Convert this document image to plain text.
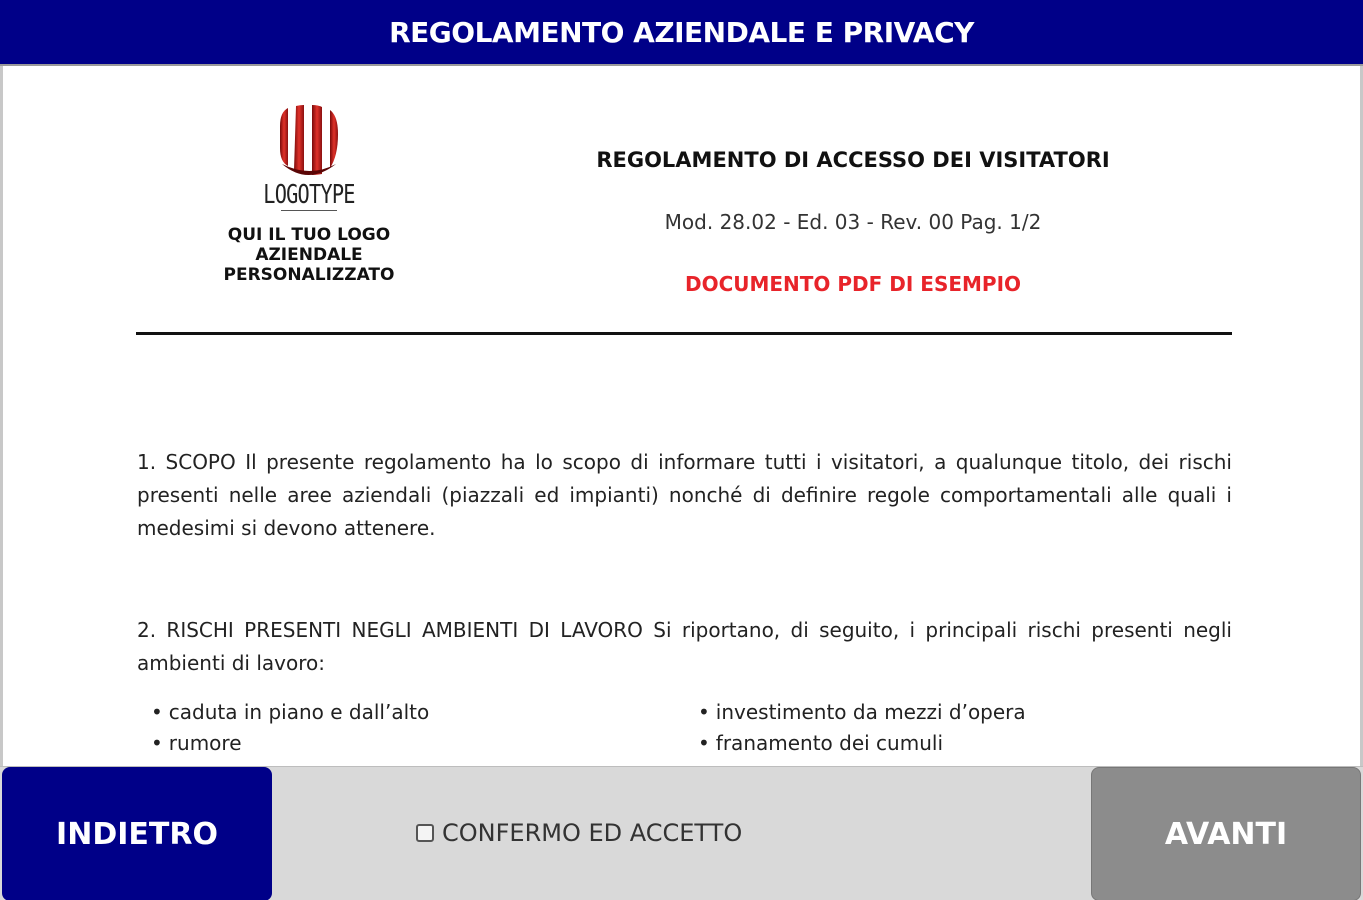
REGOLAMENTO AZIENDALE E PRIVACY
LOGOTYPE
QUI IL TUO LOGO
AZIENDALE
PERSONALIZZATO
REGOLAMENTO DI ACCESSO DEI VISITATORI
Mod. 28.02 - Ed. 03 - Rev. 00 Pag. 1/2
DOCUMENTO PDF DI ESEMPIO

1. SCOPO Il presente regolamento ha lo scopo di informare tutti i visitatori, a qualunque titolo, dei rischi presenti nelle aree aziendali (piazzali ed impianti) nonché di definire regole comportamentali alle quali i medesimi si devono attenere.

2. RISCHI PRESENTI NEGLI AMBIENTI DI LAVORO Si riportano, di seguito, i principali rischi presenti negli ambienti di lavoro:

• caduta in piano e dall’alto	• investimento da mezzi d’opera
• rumore	• franamento dei cumuli
INDIETRO	CONFERMO ED ACCETTO	AVANTI
